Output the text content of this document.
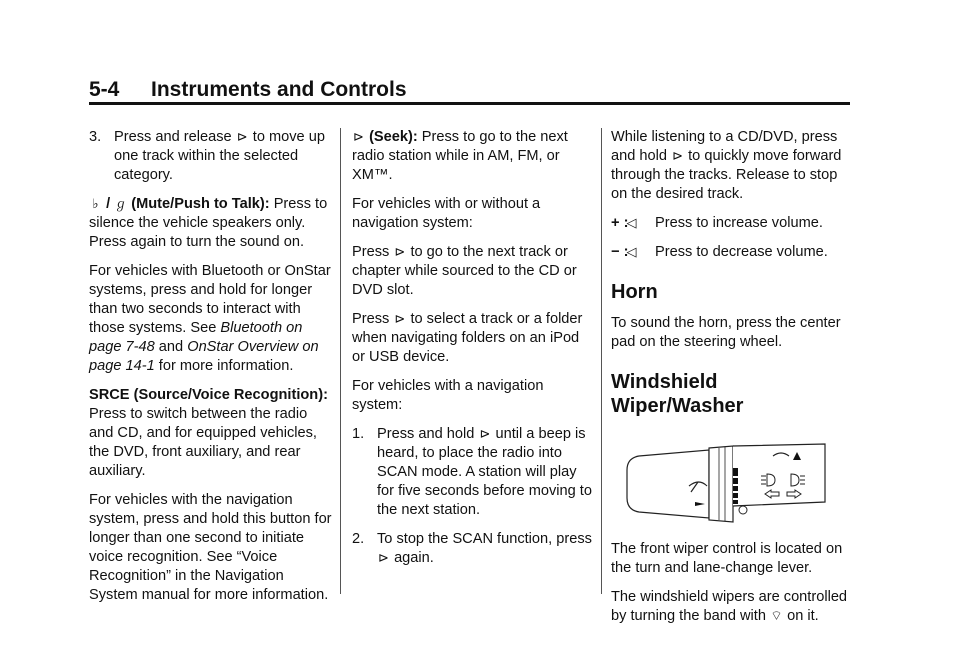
5-4 Instruments and Controls

3. Press and release ⊳ to move up one track within the selected category.

♭ / ℊ (Mute/Push to Talk): Press to silence the vehicle speakers only. Press again to turn the sound on.

For vehicles with Bluetooth or OnStar systems, press and hold for longer than two seconds to interact with those systems. See Bluetooth on page 7-48 and OnStar Overview on page 14-1 for more information.

SRCE (Source/Voice Recognition): Press to switch between the radio and CD, and for equipped vehicles, the DVD, front auxiliary, and rear auxiliary.

For vehicles with the navigation system, press and hold this button for longer than one second to initiate voice recognition. See “Voice Recognition” in the Navigation System manual for more information.

⊳ (Seek): Press to go to the next radio station while in AM, FM, or XM™.

For vehicles with or without a navigation system:

Press ⊳ to go to the next track or chapter while sourced to the CD or DVD slot.

Press ⊳ to select a track or a folder when navigating folders on an iPod or USB device.

For vehicles with a navigation system:

1. Press and hold ⊳ until a beep is heard, to place the radio into SCAN mode. A station will play for five seconds before moving to the next station.

2. To stop the SCAN function, press ⊳ again.

While listening to a CD/DVD, press and hold ⊳ to quickly move forward through the tracks. Release to stop on the desired track.

+ :◁ Press to increase volume.

− :◁ Press to decrease volume.

Horn

To sound the horn, press the center pad on the steering wheel.

Windshield Wiper/Washer

The front wiper control is located on the turn and lane-change lever.

The windshield wipers are controlled by turning the band with ⌔ on it.
